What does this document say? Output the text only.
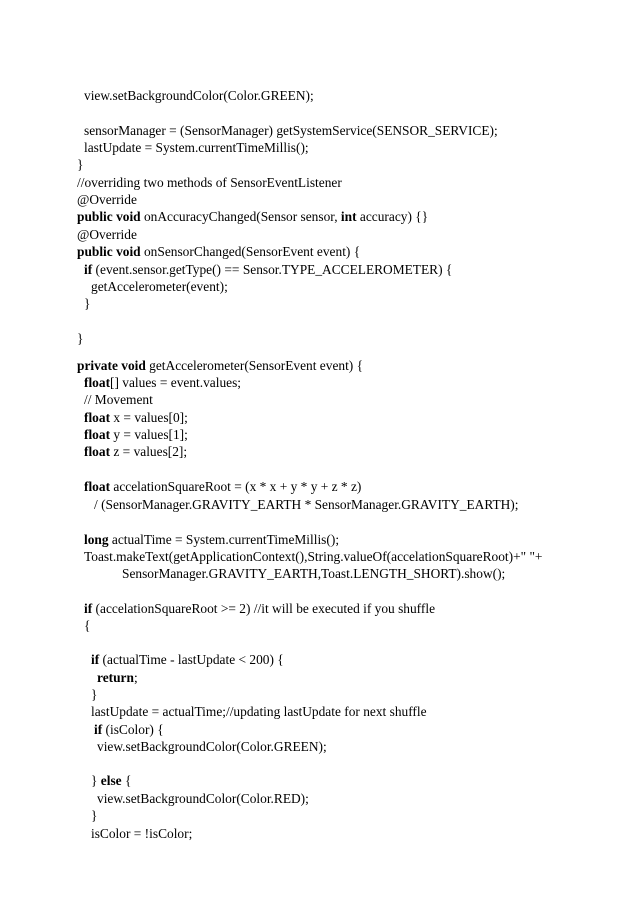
view.setBackgroundColor(Color.GREEN);
sensorManager = (SensorManager) getSystemService(SENSOR_SERVICE);
lastUpdate = System.currentTimeMillis();
}
//overriding two methods of SensorEventListener
@Override
public void onAccuracyChanged(Sensor sensor, int accuracy) {}
@Override
public void onSensorChanged(SensorEvent event) {
if (event.sensor.getType() == Sensor.TYPE_ACCELEROMETER) {
getAccelerometer(event);
}
}
private void getAccelerometer(SensorEvent event) {
float[] values = event.values;
// Movement
float x = values[0];
float y = values[1];
float z = values[2];
float accelationSquareRoot = (x * x + y * y + z * z)
/ (SensorManager.GRAVITY_EARTH * SensorManager.GRAVITY_EARTH);
long actualTime = System.currentTimeMillis();
Toast.makeText(getApplicationContext(),String.valueOf(accelationSquareRoot)+" "+
SensorManager.GRAVITY_EARTH,Toast.LENGTH_SHORT).show();
if (accelationSquareRoot >= 2) //it will be executed if you shuffle
{
if (actualTime - lastUpdate < 200) {
return;
}
lastUpdate = actualTime;//updating lastUpdate for next shuffle
if (isColor) {
view.setBackgroundColor(Color.GREEN);
} else {
view.setBackgroundColor(Color.RED);
}
isColor = !isColor;
